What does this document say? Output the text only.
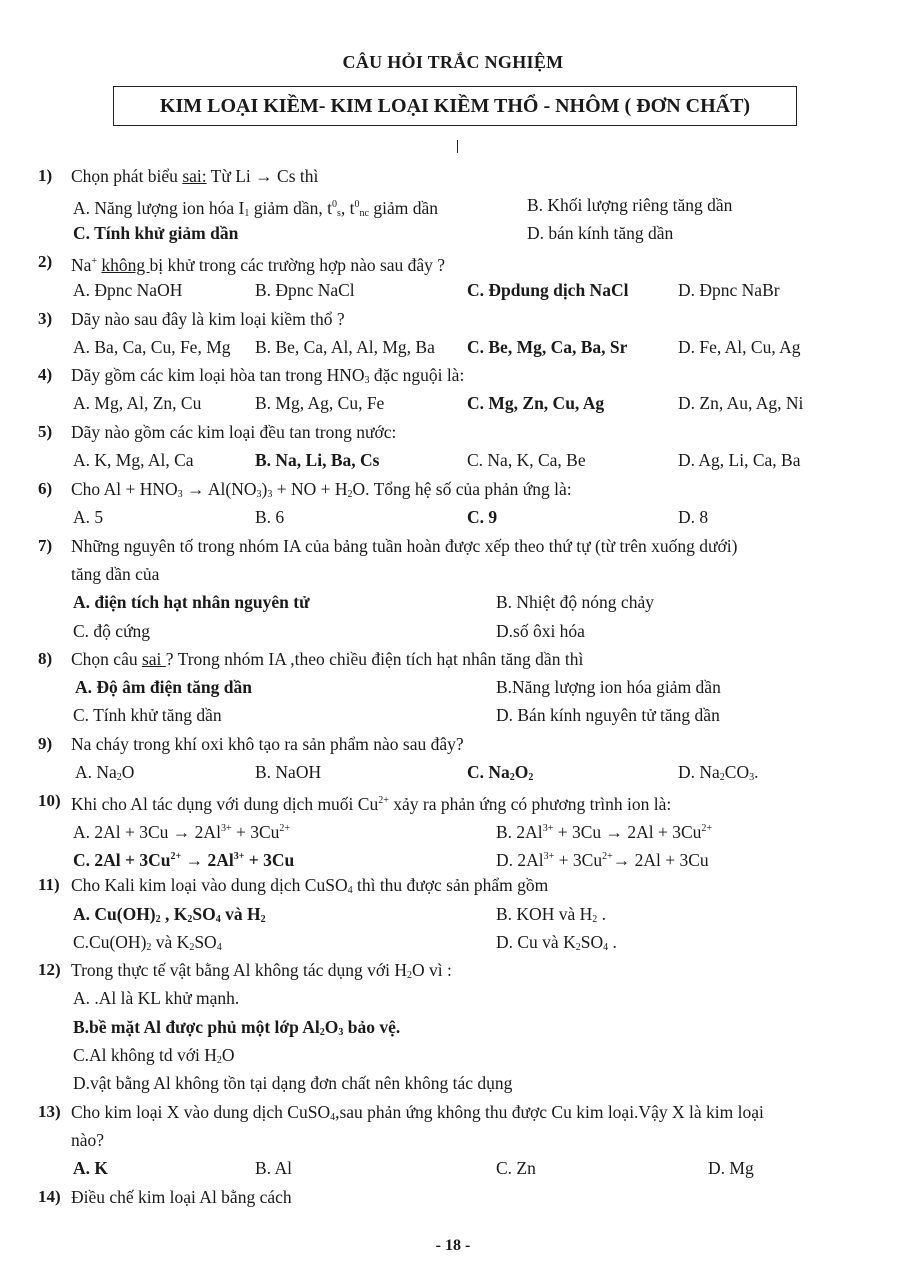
CÂU HỎI TRẮC NGHIỆM
KIM LOẠI KIỀM- KIM LOẠI KIỀM THỔ - NHÔM ( ĐƠN CHẤT)
1) Chọn phát biểu sai: Từ Li → Cs thì
A. Năng lượng ion hóa $I_1$ giảm dần, $t^0_s$, $t^0_{nc}$ giảm dần	B. Khối lượng riêng tăng dần
C. Tính khử giảm dần	D. bán kính tăng dần
2) Na+ không bị khử trong các trường hợp nào sau đây ?
A. Đpnc NaOH	B. Đpnc NaCl	C. Đpdung dịch NaCl	D. Đpnc NaBr
3) Dãy nào sau đây là kim loại kiềm thổ ?
A. Ba, Ca, Cu, Fe, Mg B. Be, Ca, Al, Al, Mg, Ba C. Be, Mg, Ca, Ba, Sr	D. Fe, Al, Cu, Ag
4) Dãy gồm các kim loại hòa tan trong $HNO_3$ đặc nguội là:
A. Mg, Al, Zn, Cu	B. Mg, Ag, Cu, Fe	C. Mg, Zn, Cu, Ag	D. Zn, Au, Ag, Ni
5) Dãy nào gồm các kim loại đều tan trong nước:
A. K, Mg, Al, Ca	B. Na, Li, Ba, Cs	C. Na, K, Ca, Be	D. Ag, Li, Ca, Ba
6) Cho $Al + HNO_3 \to Al(NO_3)_3$ + NO + $H_2O$. Tổng hệ số của phản ứng là:
A. 5	B. 6	C. 9	D. 8
7) Những nguyên tố trong nhóm IA của bảng tuần hoàn được xếp theo thứ tự (từ trên xuống dưới)
tăng dần của
A. điện tích hạt nhân nguyên tử	B. Nhiệt độ nóng chảy
C. độ cứng	D.số ôxi hóa
8) Chọn câu sai ? Trong nhóm IA ,theo chiều điện tích hạt nhân tăng dần thì
A. Độ âm điện tăng dần	B.Năng lượng ion hóa giảm dần
C. Tính khử tăng dần	D. Bán kính nguyên tử tăng dần
9) Na cháy trong khí oxi khô tạo ra sản phẩm nào sau đây?
A. $Na_2O$	B. NaOH	C. $Na_2O_2$	D. $Na_2CO_3$.
10) Khi cho Al tác dụng với dung dịch muối $Cu^{2+}$ xảy ra phản ứng có phương trình ion là:
A. $2Al + 3Cu \to 2Al^{3+} + 3Cu^{2+}$	B. $2Al^{3+} + 3Cu \to 2Al + 3Cu^{2+}$
C. $2Al + 3Cu^{2+} \to 2Al^{3+} + 3Cu$	D. $2Al^{3+} + 3Cu^{2+}\to 2Al + 3Cu$
11) Cho Kali kim loại vào dung dịch CuSO$_4$ thì thu được sản phẩm gồm
A. $Cu(OH)_2$ , $K_2SO_4$ và $H_2$	B. KOH và $H_2$ .
$C.Cu(OH)_2$ và $K_2SO_4$	D. Cu và $K_2SO_4$ .
12) Trong thực tế vật bằng Al không tác dụng với $H_2O$ vì :
A. .Al là KL khử mạnh.
B.bề mặt Al được phủ một lớp $Al_2O_3$ bảo vệ.
C.Al không td với $H_2O$
D.vật bằng Al không tồn tại dạng đơn chất nên không tác dụng
13) Cho kim loại X vào dung dịch CuSO$_4$,sau phản ứng không thu được Cu kim loại.Vậy X là kim loại
nào?
A. K	B. Al	C. Zn	D. Mg
14) Điều chế kim loại Al bằng cách
- 18 -
